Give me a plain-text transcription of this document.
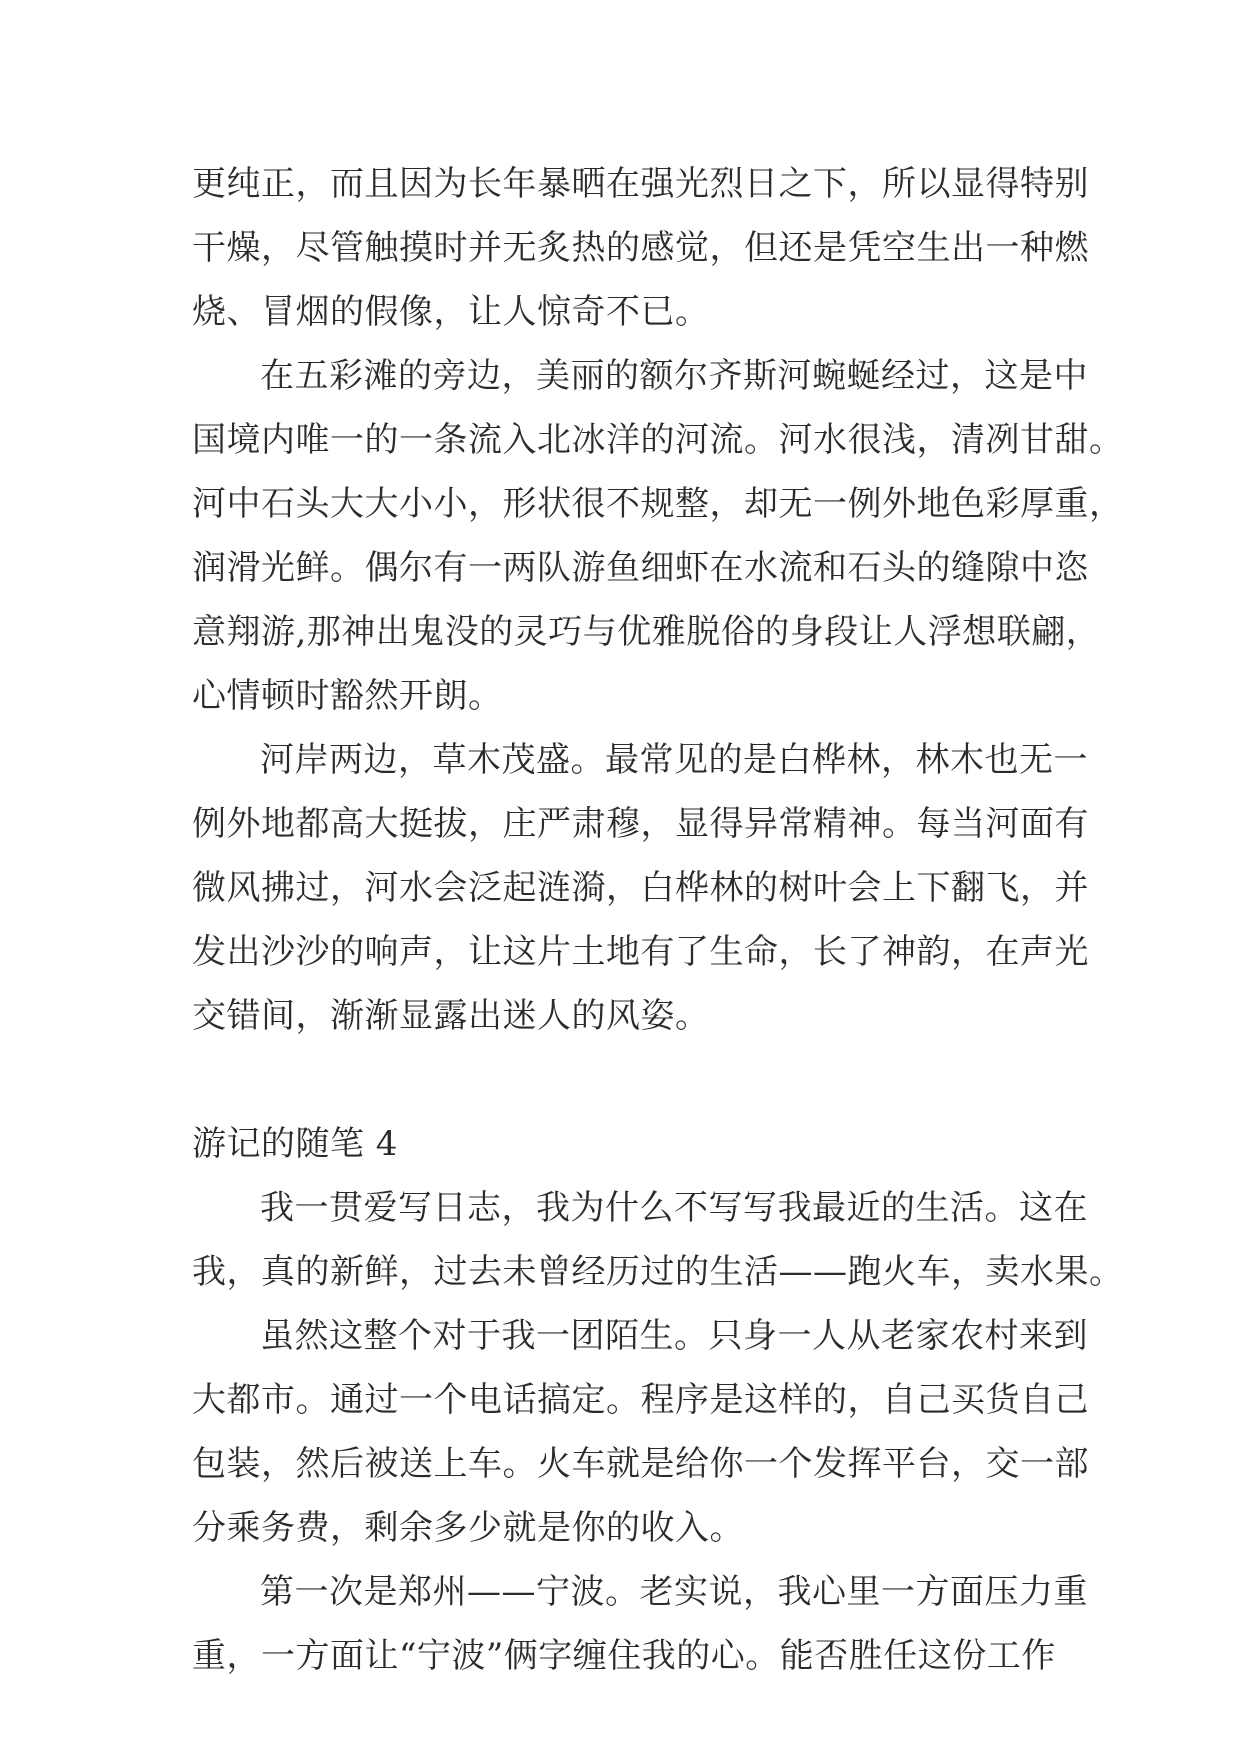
更纯正，而且因为长年暴晒在强光烈日之下，所以显得特别
干燥，尽管触摸时并无炙热的感觉，但还是凭空生出一种燃
烧、冒烟的假像，让人惊奇不已。
在五彩滩的旁边，美丽的额尔齐斯河蜿蜒经过，这是中
国境内唯一的一条流入北冰洋的河流。河水很浅，清冽甘甜。
河中石头大大小小，形状很不规整，却无一例外地色彩厚重，
润滑光鲜。偶尔有一两队游鱼细虾在水流和石头的缝隙中恣
意翔游,那神出鬼没的灵巧与优雅脱俗的身段让人浮想联翩，
心情顿时豁然开朗。
河岸两边，草木茂盛。最常见的是白桦林，林木也无一
例外地都高大挺拔，庄严肃穆，显得异常精神。每当河面有
微风拂过，河水会泛起涟漪，白桦林的树叶会上下翻飞，并
发出沙沙的响声，让这片土地有了生命，长了神韵，在声光
交错间，渐渐显露出迷人的风姿。
游记的随笔 4
我一贯爱写日志，我为什么不写写我最近的生活。这在
我，真的新鲜，过去未曾经历过的生活——跑火车，卖水果。
虽然这整个对于我一团陌生。只身一人从老家农村来到
大都市。通过一个电话搞定。程序是这样的，自己买货自己
包装，然后被送上车。火车就是给你一个发挥平台，交一部
分乘务费，剩余多少就是你的收入。
第一次是郑州——宁波。老实说，我心里一方面压力重
重，一方面让“宁波”俩字缠住我的心。能否胜任这份工作
